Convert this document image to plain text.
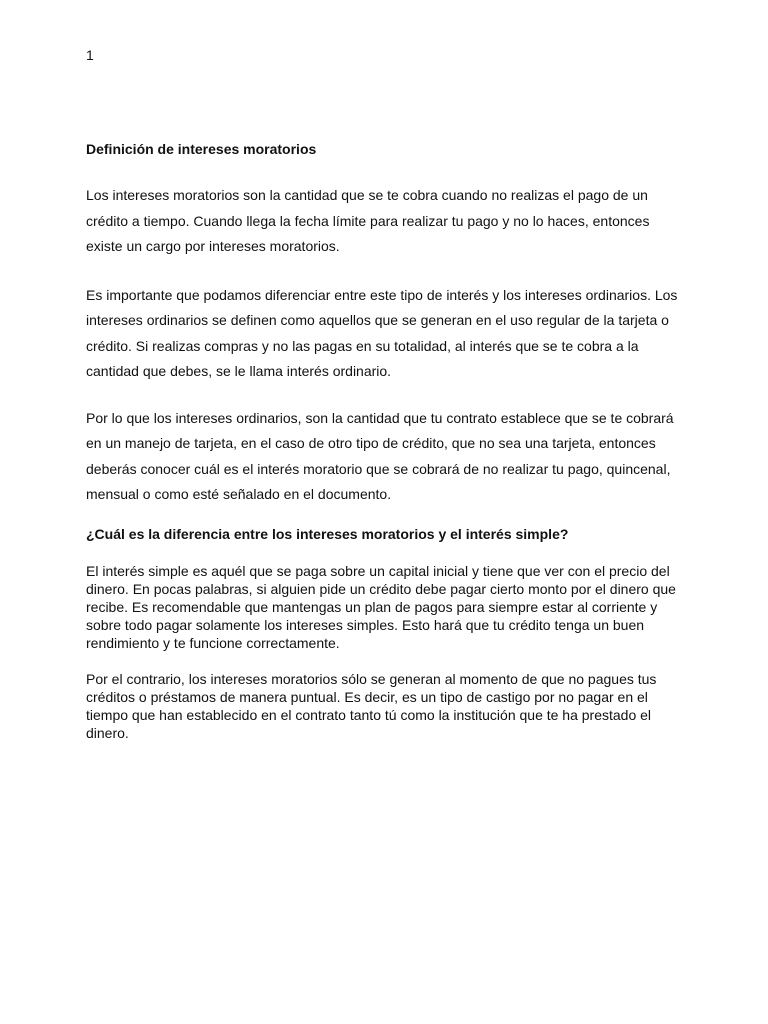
1
Definición de intereses moratorios

Los intereses moratorios son la cantidad que se te cobra cuando no realizas el pago de un crédito a tiempo. Cuando llega la fecha límite para realizar tu pago y no lo haces, entonces existe un cargo por intereses moratorios.

Es importante que podamos diferenciar entre este tipo de interés y los intereses ordinarios. Los intereses ordinarios se definen como aquellos que se generan en el uso regular de la tarjeta o crédito. Si realizas compras y no las pagas en su totalidad, al interés que se te cobra a la cantidad que debes, se le llama interés ordinario.

Por lo que los intereses ordinarios, son la cantidad que tu contrato establece que se te cobrará en un manejo de tarjeta, en el caso de otro tipo de crédito, que no sea una tarjeta, entonces deberás conocer cuál es el interés moratorio que se cobrará de no realizar tu pago, quincenal, mensual o como esté señalado en el documento.

¿Cuál es la diferencia entre los intereses moratorios y el interés simple?

El interés simple es aquél que se paga sobre un capital inicial y tiene que ver con el precio del dinero. En pocas palabras, si alguien pide un crédito debe pagar cierto monto por el dinero que recibe. Es recomendable que mantengas un plan de pagos para siempre estar al corriente y sobre todo pagar solamente los intereses simples. Esto hará que tu crédito tenga un buen rendimiento y te funcione correctamente.

Por el contrario, los intereses moratorios sólo se generan al momento de que no pagues tus créditos o préstamos de manera puntual. Es decir, es un tipo de castigo por no pagar en el tiempo que han establecido en el contrato tanto tú como la institución que te ha prestado el dinero.
